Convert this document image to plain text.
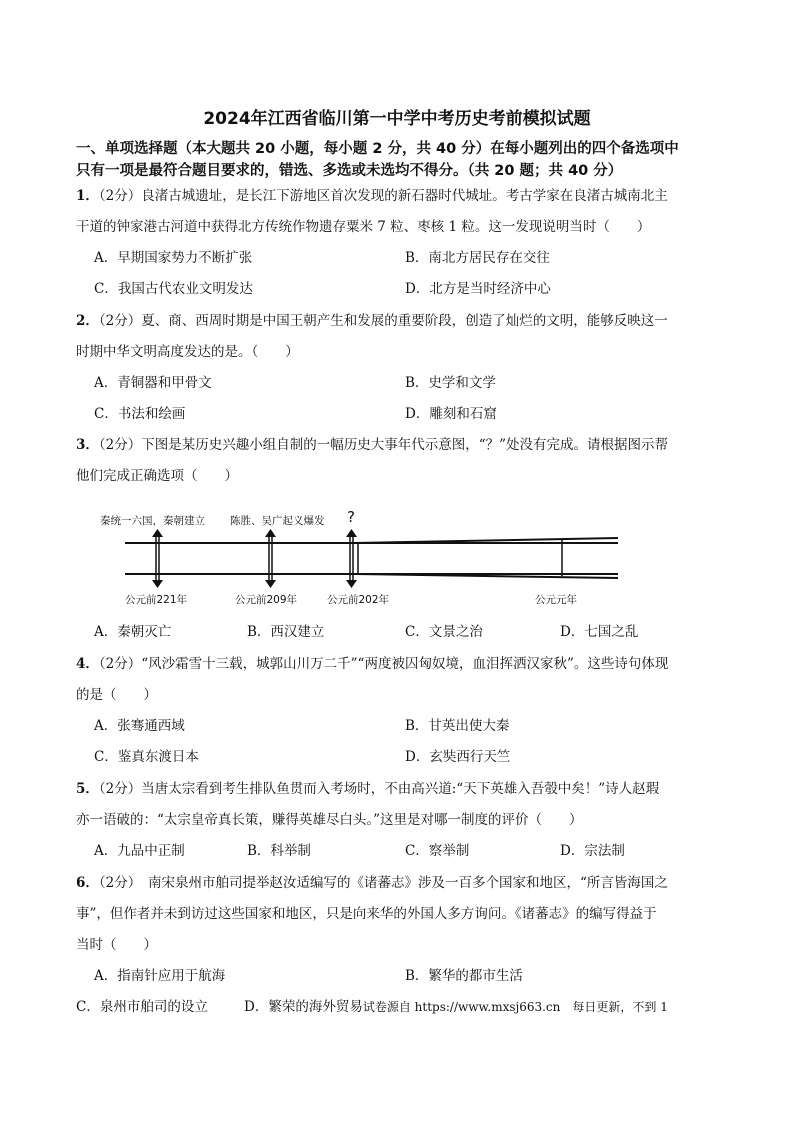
2024年江西省临川第一中学中考历史考前模拟试题
一、单项选择题（本大题共 20 小题，每小题 2 分，共 40 分）在每小题列出的四个备选项中
只有一项是最符合题目要求的，错选、多选或未选均不得分。（共 20 题；共 40 分）
1．（2分）良渚古城遗址，是长江下游地区首次发现的新石器时代城址。考古学家在良渚古城南北主
干道的钟家港古河道中获得北方传统作物遗存粟米 7 粒、枣核 1 粒。这一发现说明当时（　　）
A．早期国家势力不断扩张	B．南北方居民存在交往
C．我国古代农业文明发达	D．北方是当时经济中心
2．（2分）夏、商、西周时期是中国王朝产生和发展的重要阶段，创造了灿烂的文明，能够反映这一
时期中华文明高度发达的是。（　　）
A．青铜器和甲骨文	B．史学和文学
C．书法和绘画	D．雕刻和石窟
3．（2分）下图是某历史兴趣小组自制的一幅历史大事年代示意图，“？”处没有完成。请根据图示帮
他们完成正确选项（　　）
秦统一六国，秦朝建立 陈胜、吴广起义爆发 ?
公元前221年	公元前209年	公元前202年	公元元年
A．秦朝灭亡	B．西汉建立	C．文景之治	D．七国之乱
4．（2分）“风沙霜雪十三载，城郭山川万二千”“两度被囚匈奴境，血泪挥洒汉家秋”。这些诗句体现
的是（　　）
A．张骞通西域	B．甘英出使大秦
C．鉴真东渡日本	D．玄奘西行天竺
5．（2分）当唐太宗看到考生排队鱼贯而入考场时，不由高兴道:“天下英雄入吾彀中矣！”诗人赵瑕
亦一语破的：“太宗皇帝真长策，赚得英雄尽白头。”这里是对哪一制度的评价（　　）
A．九品中正制	B．科举制	C．察举制	D．宗法制
6．（2分）　南宋泉州市舶司提举赵汝适编写的《诸蕃志》涉及一百多个国家和地区，“所言皆海国之
事”，但作者并未到访过这些国家和地区，只是向来华的外国人多方询问。《诸蕃志》的编写得益于
当时（　　）
A．指南针应用于航海	B．繁华的都市生活
C．泉州市舶司的设立	D．繁荣的海外贸易试卷源自 https://www.mxsj663.cn　每日更新，不到 1
